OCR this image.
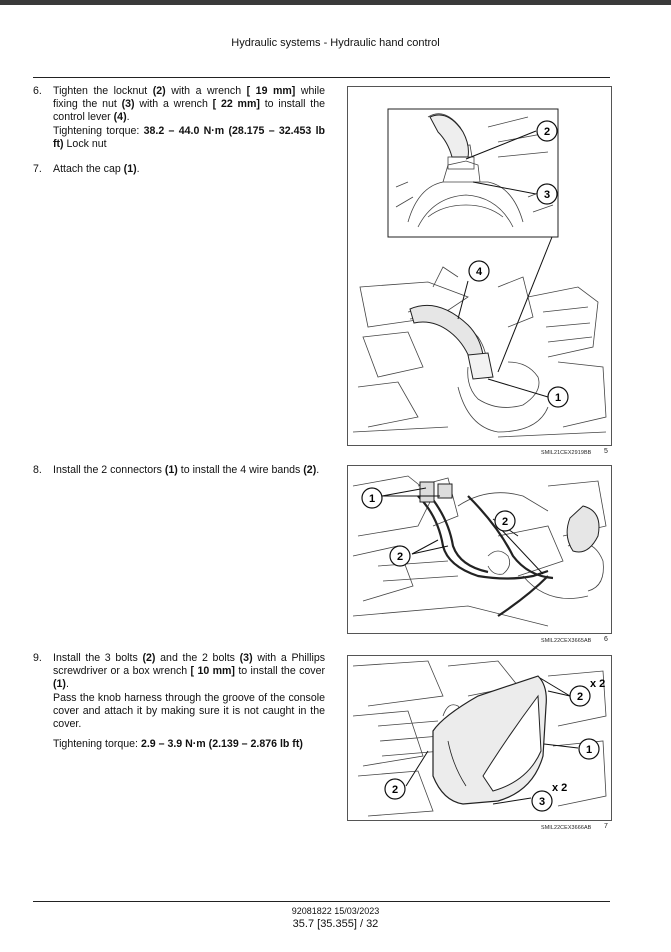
Hydraulic systems - Hydraulic hand control
6. Tighten the locknut (2) with a wrench [ 19 mm] while fixing the nut (3) with a wrench [ 22 mm] to install the control lever (4).

Tightening torque: 38.2 – 44.0 N·m (28.175 – 32.453 lb ft) Lock nut

7. Attach the cap (1).

8. Install the 2 connectors (1) to install the 4 wire bands (2).

9. Install the 3 bolts (2) and the 2 bolts (3) with a Phillips screwdriver or a box wrench [ 10 mm] to install the cover (1).

Pass the knob harness through the groove of the console cover and attach it by making sure it is not caught in the cover.

Tightening torque: 2.9 – 3.9 N·m (2.139 – 2.876 lb ft)

2
3
4
1
SMIL21CEX2919BB 5
1
2
2
SMIL22CEX3665AB 6
2
x 2
1
2	x 2
3
SMIL22CEX3666AB 7
92081822 15/03/2023
35.7 [35.355] / 32
